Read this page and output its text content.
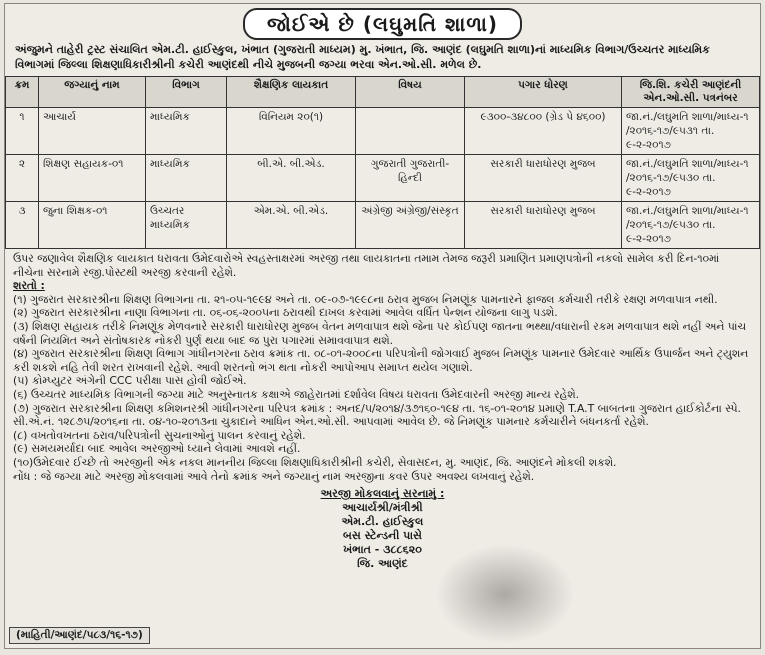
જોઈએ છે (લઘુમતિ શાળા)
અંજુમને તાહેરી ટ્રસ્ટ સંચાલિત એમ.ટી. હાઈસ્કુલ, ખંભાત (ગુજરાતી માધ્યમ) મુ. ખંભાત, જિ. આણંદ (લઘુમતિ શાળા)નાં માધ્યમિક વિભાગ/ઉચ્ચતર માધ્યમિક વિભાગમાં જિલ્લા શિક્ષણાધિકારીશ્રીની કચેરી આણંદથી નીચે મુજબની જગ્યા ભરવા એન.ઓ.સી. મળેલ છે.
ક્રમ	જગ્યાનું નામ	વિભાગ	શૈક્ષણિક લાયકાત	વિષય	પગાર ધોરણ	જિ.શિ. કચેરી આણંદની એન.ઓ.સી. પત્રનંબર
૧	આચાર્ય	માધ્યમિક	વિનિયમ ૨૦(૧)		૯૩૦૦-૩૪૮૦૦ (ગ્રેડ પે ૪૬૦૦)	જા.નં./લઘુમતિ શાળા/માધ્ય-૧ /૨૦૧૬-૧૭/૯૫૩૧ તા. ૯-૨-૨૦૧૭
૨	શિક્ષણ સહાયક-૦૧	માધ્યમિક	બી.એ. બી.એડ.	ગુજરાતી ગુજરાતી-હિન્દી	સરકારી ધારાધોરણ મુજબ	જા.નં./લઘુમતિ શાળા/માધ્ય-૧ /૨૦૧૬-૧૭/૯૫૩૦ તા. ૯-૨-૨૦૧૭
૩	જુના શિક્ષક-૦૧	ઉચ્ચતર માધ્યમિક	એમ.એ. બી.એડ.	અંગ્રેજી અંગ્રેજી/સંસ્કૃત	સરકારી ધારાધોરણ મુજબ	જા.નં./લઘુમતિ શાળા/માધ્ય-૧ /૨૦૧૬-૧૭/૯૫૩૦ તા. ૯-૨-૨૦૧૭

ઉપર જણાવેલ શૈક્ષણિક લાયકાત ધરાવતા ઉમેદવારોએ સ્વહસ્તાક્ષરમાં અરજી તથા લાયકાતના તમામ તેમજ જરૂરી પ્રમાણિત પ્રમાણપત્રોની નકલો સામેલ કરી દિન-૧૦માં નીચેના સરનામે રજી.પોસ્ટથી અરજી કરવાની રહેશે.

શરતો :

(૧) ગુજરાત સરકારશ્રીના શિક્ષણ વિભાગના તા. ૨૧-૦૫-૧૯૯૪ અને તા. ૦૯-૦૭-૧૯૯૮ના ઠરાવ મુજબ નિમણૂંક પામનારને ફાજલ કર્મચારી તરીકે રક્ષણ મળવાપાત્ર નથી.
(૨) ગુજરાત સરકારશ્રીના નાણા વિભાગના તા. ૦૬-૦૬-૨૦૦૫ના ઠરાવથી દાખલ કરવામાં આવેલ વર્ધિત પેન્શન યોજના લાગુ પડશે.
(૩) શિક્ષણ સહાયક તરીકે નિમણૂંક મેળવનારે સરકારી ધારાધોરણ મુજબ વેતન મળવાપાત્ર થશે જેના પર કોઈપણ જાતના ભથ્થા/વધારાની રકમ મળવાપાત્ર થશે નહીં અને પાંચ વર્ષની નિયમિત અને સંતોષકારક નોકરી પુર્ણ થયા બાદ જ પુરા પગારમાં સમાવવાપાત્ર થશે.
(૪) ગુજરાત સરકારશ્રીના શિક્ષણ વિભાગ ગાંધીનગરના ઠરાવ ક્રમાંક તા. ૦૮-૦૧-૨૦૦૮ના પરિપત્રોની જોગવાઈ મુજબ નિમણૂંક પામનાર ઉમેદવાર આર્થિક ઉપાર્જન અને ટ્યુશન કરી શકશે નહિ તેવી શરત રાખવાની રહેશે. આવી શરતનો ભંગ થતા નોકરી આપોઆપ સમાપ્ત થયેલ ગણાશે.
(૫) કોમ્પ્યુટર અંગેની CCC પરીક્ષા પાસ હોવી જોઈએ.
(૬) ઉચ્ચતર માધ્યમિક વિભાગની જગ્યા માટે અનુસ્નાતક કક્ષાએ જાહેરાતમાં દર્શાવેલ વિષય ધરાવતા ઉમેદવારની અરજી માન્ય રહેશે.
(૭) ગુજરાત સરકારશ્રીના શિક્ષણ કમિશનરશ્રી ગાંધીનગરના પરિપત્ર ક્રમાંક : અનદ/૫/૨૦૧૪/૩૭૧૬૦-૧૯૪ તા. ૧૬-૦૧-૨૦૧૪ પ્રમાણે T.A.T બાબતના ગુજરાત હાઈકોર્ટના સ્પે. સી.એ.નં. ૧૨૮૭૫/૨૦૧૬ના તા. ૦૪-૧૦-૨૦૧૩ના ચુકાદાને આધિન એન.ઓ.સી. આપવામાં આવેલ છે. જે નિમણૂંક પામનાર કર્મચારીને બંધનકર્તા રહેશે.
(૮) વખતોવખતના ઠરાવ/પરિપત્રોની સુચનાઓનું પાલન કરવાનું રહેશે.
(૯) સમયમર્યાદા બાદ આવેલ અરજીઓ ધ્યાને લેવામાં આવશે નહીં.
(૧૦)ઉમેદવાર ઈચ્છે તો અરજીની એક નકલ માનનીય જિલ્લા શિક્ષણાધિકારીશ્રીની કચેરી, સેવાસદન, મુ. આણંદ, જિ. આણંદને મોકલી શકશે.

નોંધ : જે જગ્યા માટે અરજી મોકલવામાં આવે તેનો ક્રમાંક અને જગ્યાનું નામ અરજીના કવર ઉપર અવશ્ય લખવાનું રહેશે.

અરજી મોકલવાનું સરનામું :
આચાર્યશ્રી/મંત્રીશ્રી
એમ.ટી. હાઈસ્કુલ
બસ સ્ટેન્ડની પાસે
ખંભાત - ૩૮૮૬૨૦
જિ. આણંદ
(માહિતી/આણંદ/૫૮૩/૧૬-૧૭)
